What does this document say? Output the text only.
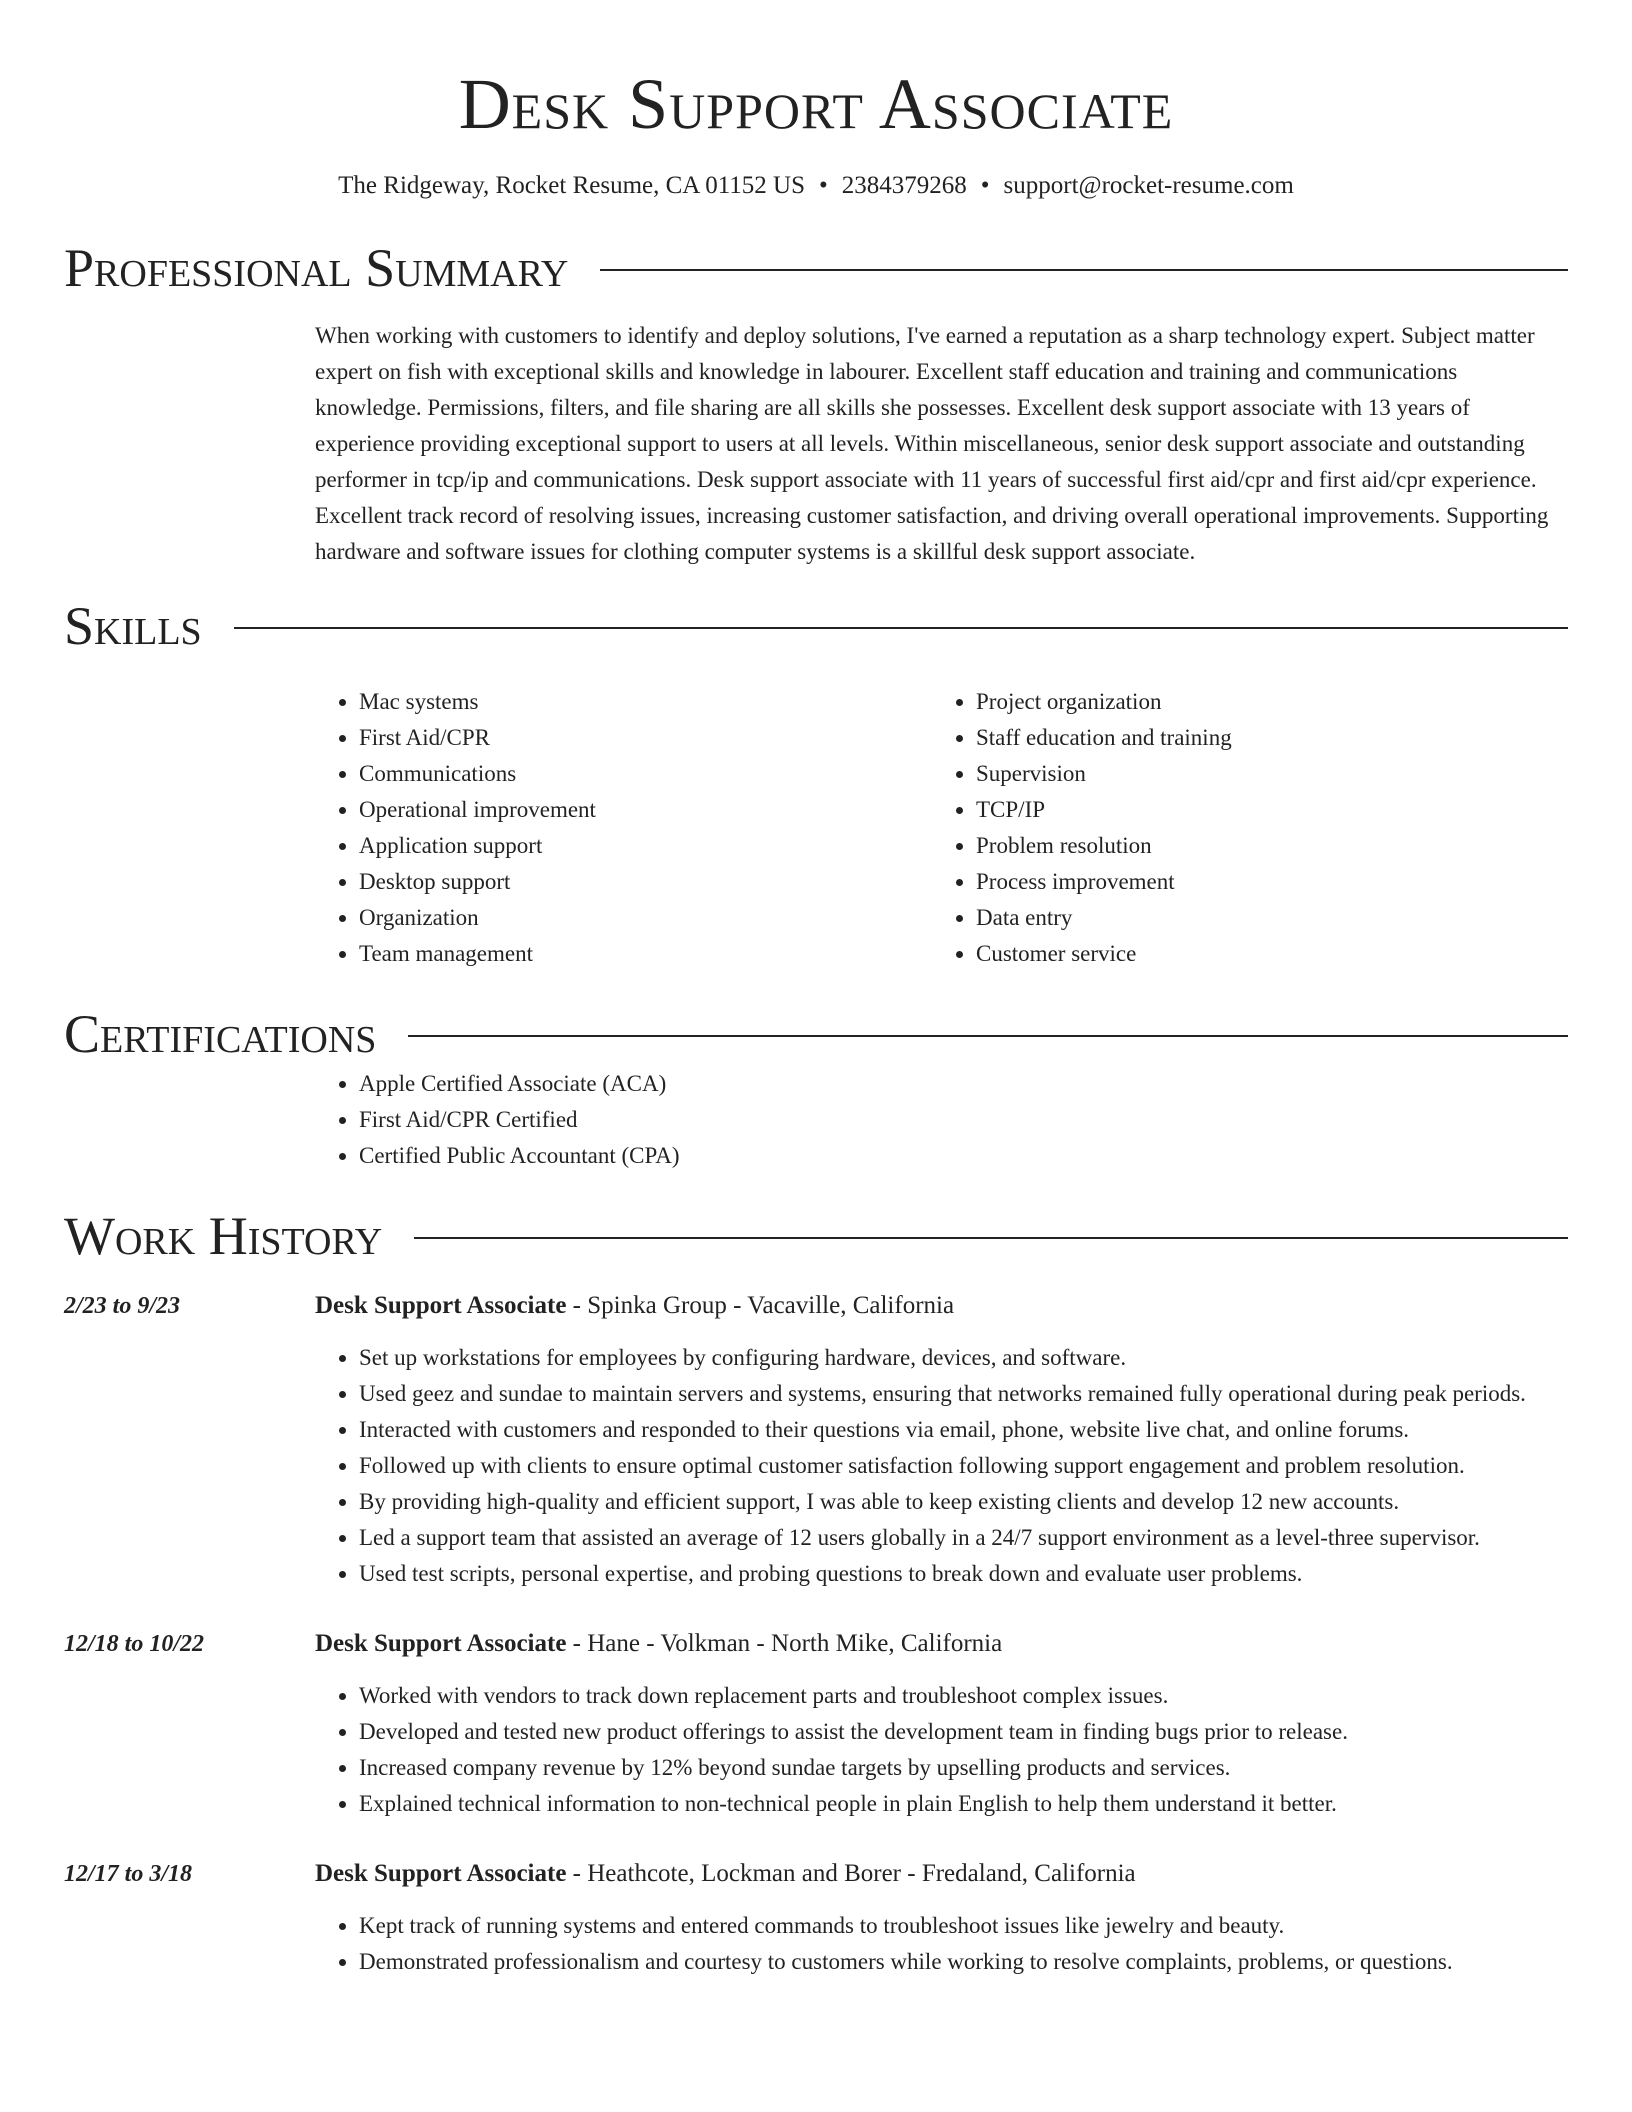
Desk Support Associate
The Ridgeway, Rocket Resume, CA 01152 US • 2384379268 • support@rocket-resume.com
Professional Summary

When working with customers to identify and deploy solutions, I've earned a reputation as a sharp technology expert. Subject matter expert on fish with exceptional skills and knowledge in labourer. Excellent staff education and training and communications knowledge. Permissions, filters, and file sharing are all skills she possesses. Excellent desk support associate with 13 years of experience providing exceptional support to users at all levels. Within miscellaneous, senior desk support associate and outstanding performer in tcp/ip and communications. Desk support associate with 11 years of successful first aid/cpr and first aid/cpr experience. Excellent track record of resolving issues, increasing customer satisfaction, and driving overall operational improvements. Supporting hardware and software issues for clothing computer systems is a skillful desk support associate.

Skills
• Mac systems
• First Aid/CPR
• Communications
• Operational improvement
• Application support
• Desktop support
• Organization
• Team management
• Project organization
• Staff education and training
• Supervision
• TCP/IP
• Problem resolution
• Process improvement
• Data entry
• Customer service
Certifications
• Apple Certified Associate (ACA)
• First Aid/CPR Certified
• Certified Public Accountant (CPA)
Work History
2/23 to 9/23	Desk Support Associate - Spinka Group - Vacaville, California
• Set up workstations for employees by configuring hardware, devices, and software.
• Used geez and sundae to maintain servers and systems, ensuring that networks remained fully operational during peak periods.
• Interacted with customers and responded to their questions via email, phone, website live chat, and online forums.
• Followed up with clients to ensure optimal customer satisfaction following support engagement and problem resolution.
• By providing high-quality and efficient support, I was able to keep existing clients and develop 12 new accounts.
• Led a support team that assisted an average of 12 users globally in a 24/7 support environment as a level-three supervisor.
• Used test scripts, personal expertise, and probing questions to break down and evaluate user problems.
12/18 to 10/22	Desk Support Associate - Hane - Volkman - North Mike, California
• Worked with vendors to track down replacement parts and troubleshoot complex issues.
• Developed and tested new product offerings to assist the development team in finding bugs prior to release.
• Increased company revenue by 12% beyond sundae targets by upselling products and services.
• Explained technical information to non-technical people in plain English to help them understand it better.
12/17 to 3/18	Desk Support Associate - Heathcote, Lockman and Borer - Fredaland, California
• Kept track of running systems and entered commands to troubleshoot issues like jewelry and beauty.
• Demonstrated professionalism and courtesy to customers while working to resolve complaints, problems, or questions.
